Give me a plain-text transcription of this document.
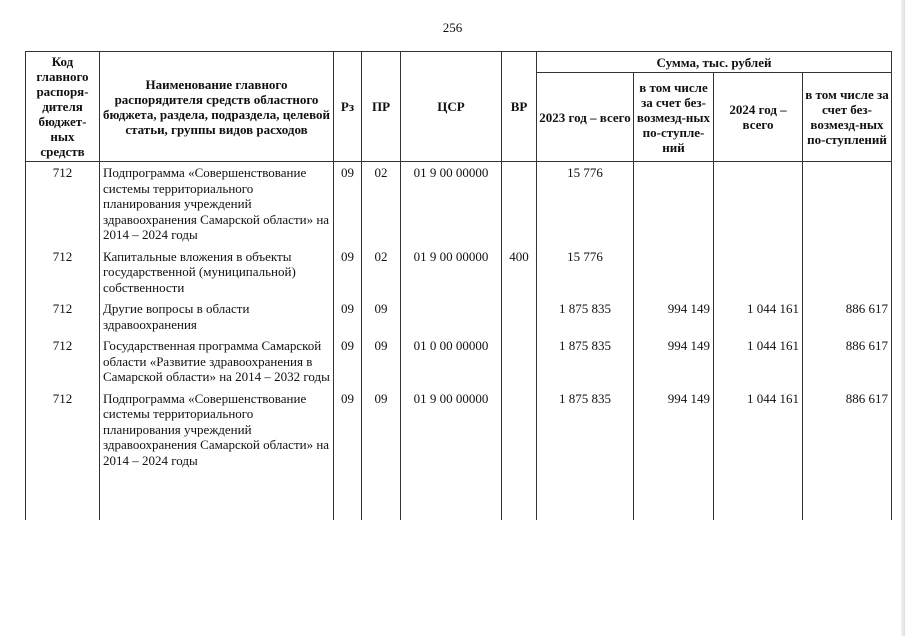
256
Код главного распоря-дителя бюджет-ных средств	Наименование главного распорядителя средств областного бюджета, раздела, подраздела, целевой статьи, группы видов расходов	Рз	ПР	ЦСР	ВР	Сумма, тыс. рублей			
						2023 год – всего	в том числе за счет без-возмезд-ных по-ступле-ний	2024 год – всего	в том числе за счет без-возмезд-ных по-ступлений
712	Подпрограмма «Совершенствование системы территориального планирования учреждений здравоохранения Самарской области» на 2014 – 2024 годы	09	02	01 9 00 00000		15 776			
712	Капитальные вложения в объекты государственной (муниципальной) собственности	09	02	01 9 00 00000	400	15 776			
712	Другие вопросы в области здравоохранения	09	09			1 875 835	994 149	1 044 161	886 617
712	Государственная программа Самарской области «Развитие здравоохранения в Самарской области» на 2014 – 2032 годы	09	09	01 0 00 00000		1 875 835	994 149	1 044 161	886 617
712	Подпрограмма «Совершенствование системы территориального планирования учреждений здравоохранения Самарской области» на 2014 – 2024 годы	09	09	01 9 00 00000		1 875 835	994 149	1 044 161	886 617
